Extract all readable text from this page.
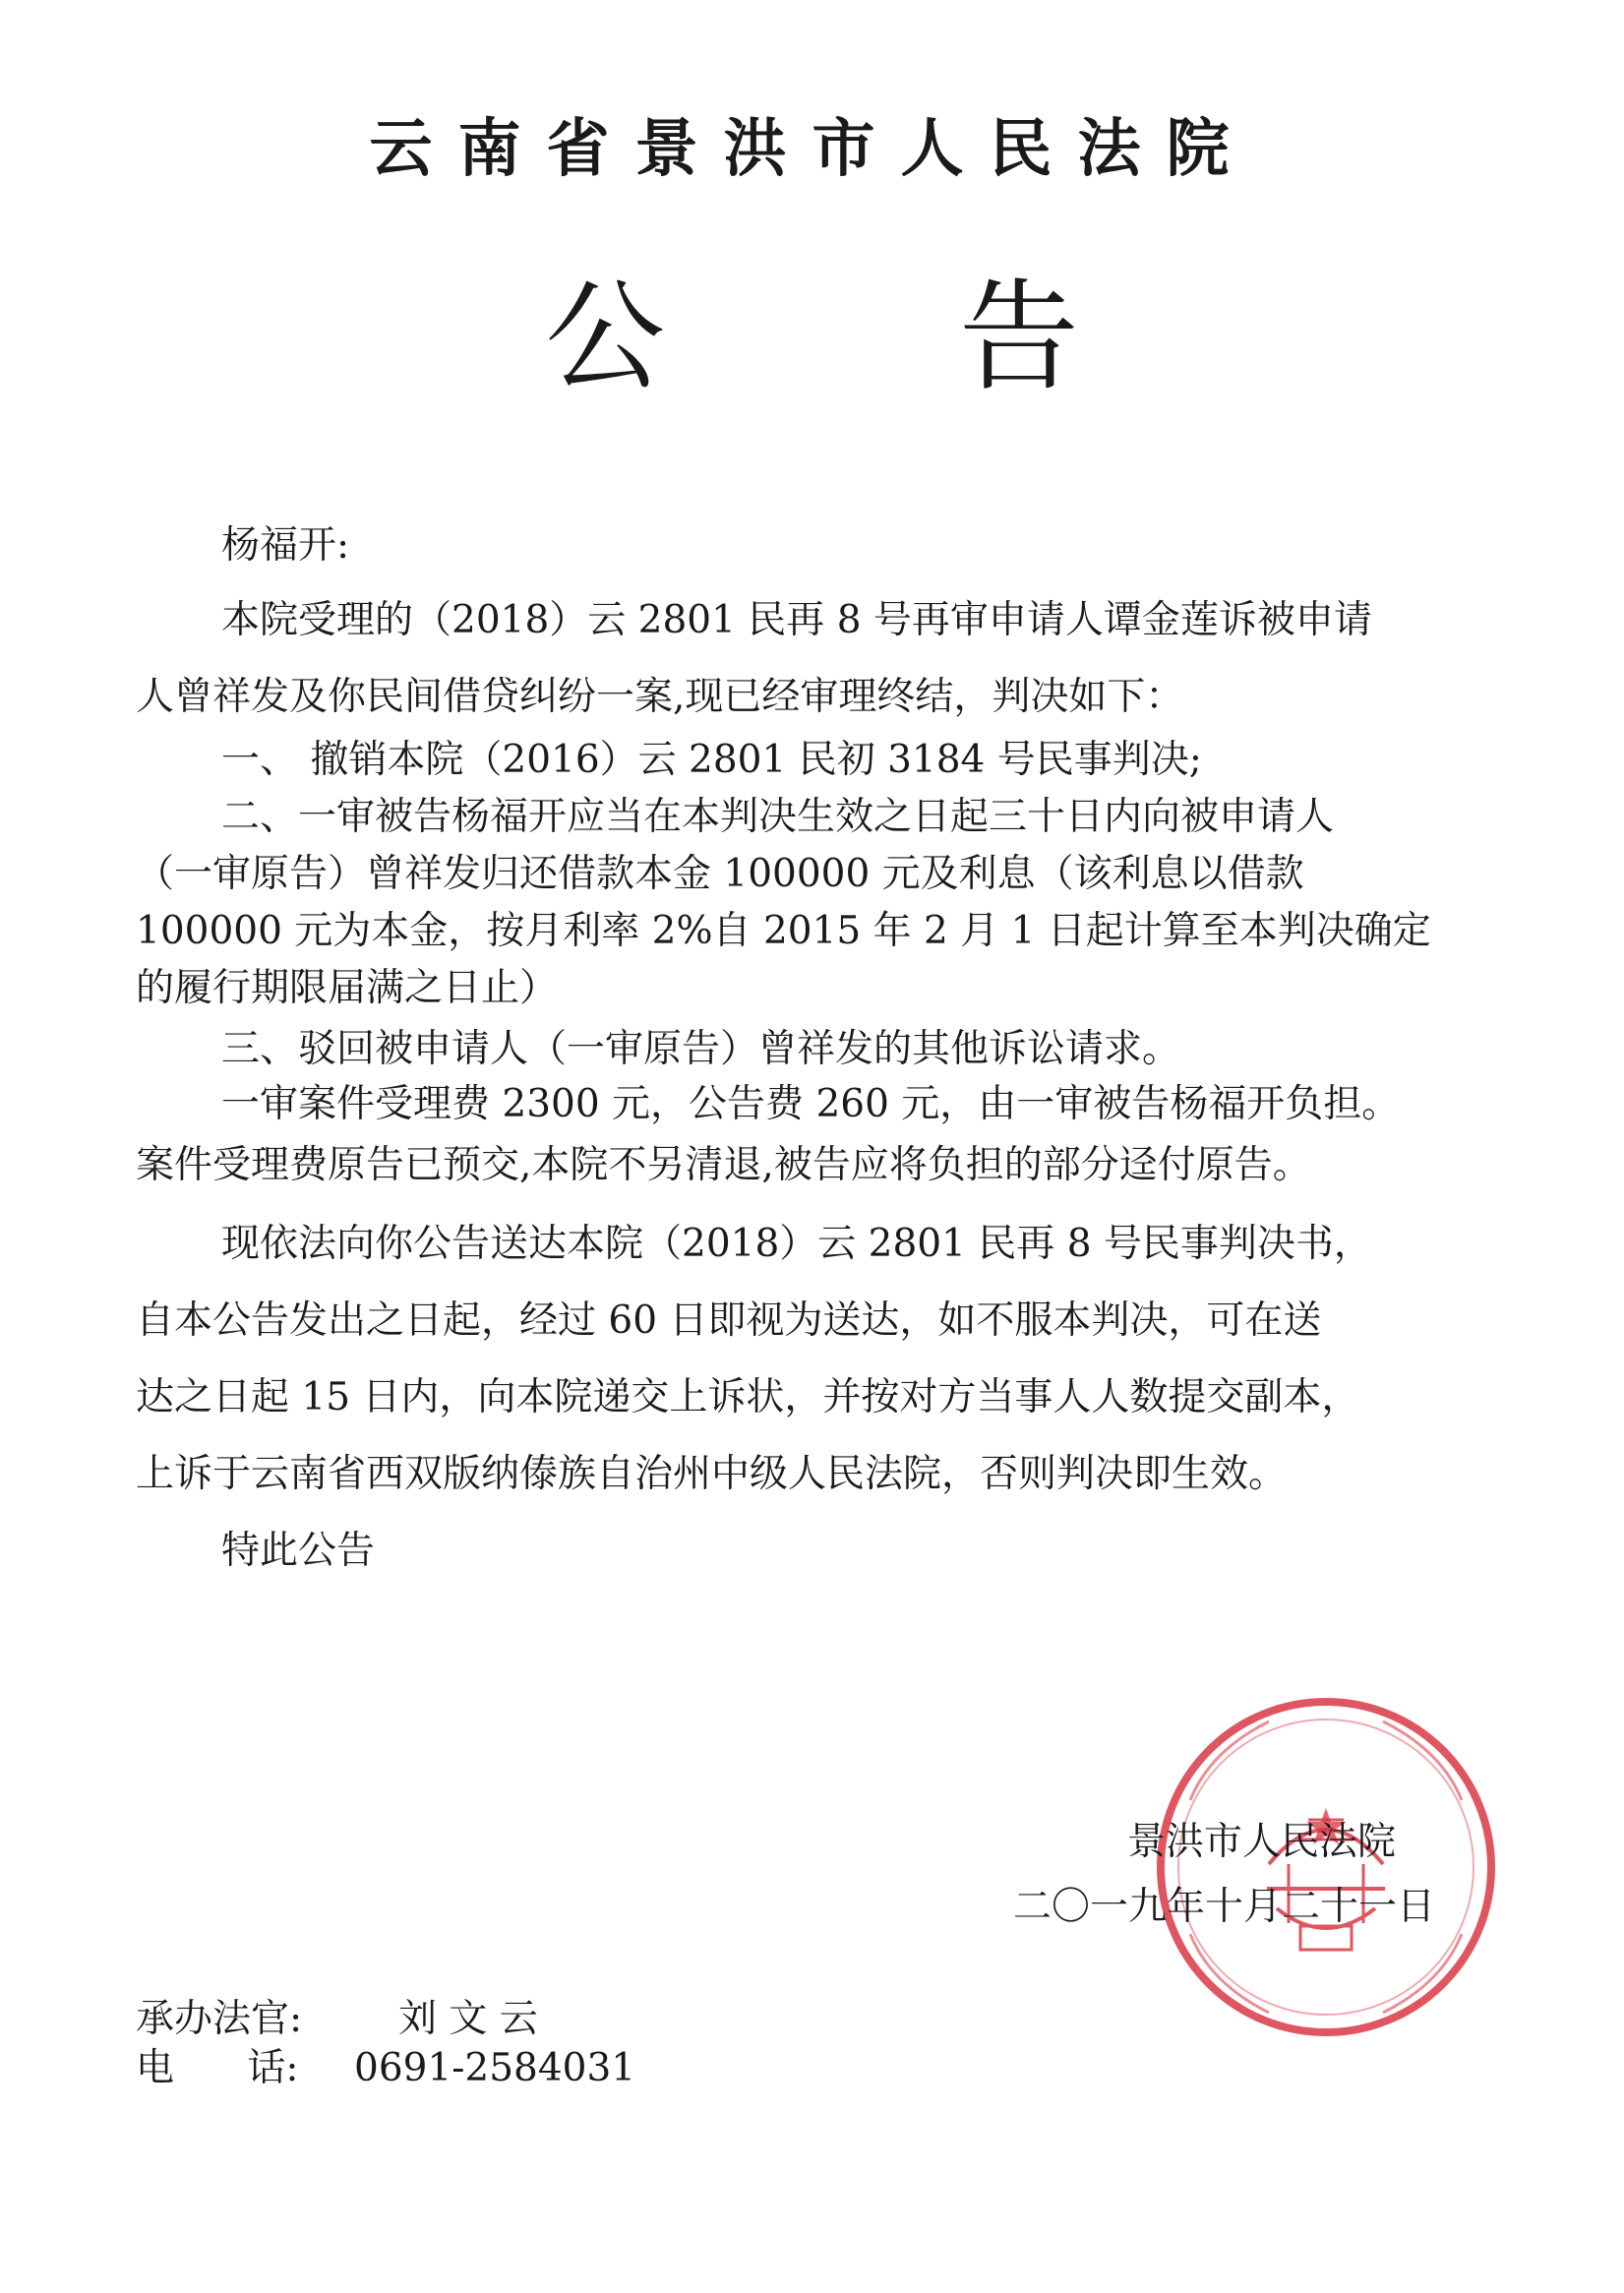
云南省景洪市人民法院
公 告
杨福开:
本院受理的（2018）云 2801 民再 8 号再审申请人谭金莲诉被申请
人曾祥发及你民间借贷纠纷一案,现已经审理终结，判决如下：
一、 撤销本院（2016）云 2801 民初 3184 号民事判决;
二、一审被告杨福开应当在本判决生效之日起三十日内向被申请人
（一审原告）曾祥发归还借款本金 100000 元及利息（该利息以借款
100000 元为本金，按月利率 2%自 2015 年 2 月 1 日起计算至本判决确定
的履行期限届满之日止）
三、驳回被申请人（一审原告）曾祥发的其他诉讼请求。
一审案件受理费 2300 元，公告费 260 元，由一审被告杨福开负担。
案件受理费原告已预交,本院不另清退,被告应将负担的部分迳付原告。
现依法向你公告送达本院（2018）云 2801 民再 8 号民事判决书，
自本公告发出之日起，经过 60 日即视为送达，如不服本判决，可在送
达之日起 15 日内，向本院递交上诉状，并按对方当事人人数提交副本，
上诉于云南省西双版纳傣族自治州中级人民法院，否则判决即生效。
特此公告
景洪市人民法院
二〇一九年十月二十一日
承办法官:	刘 文 云
电      话: 0691-2584031
